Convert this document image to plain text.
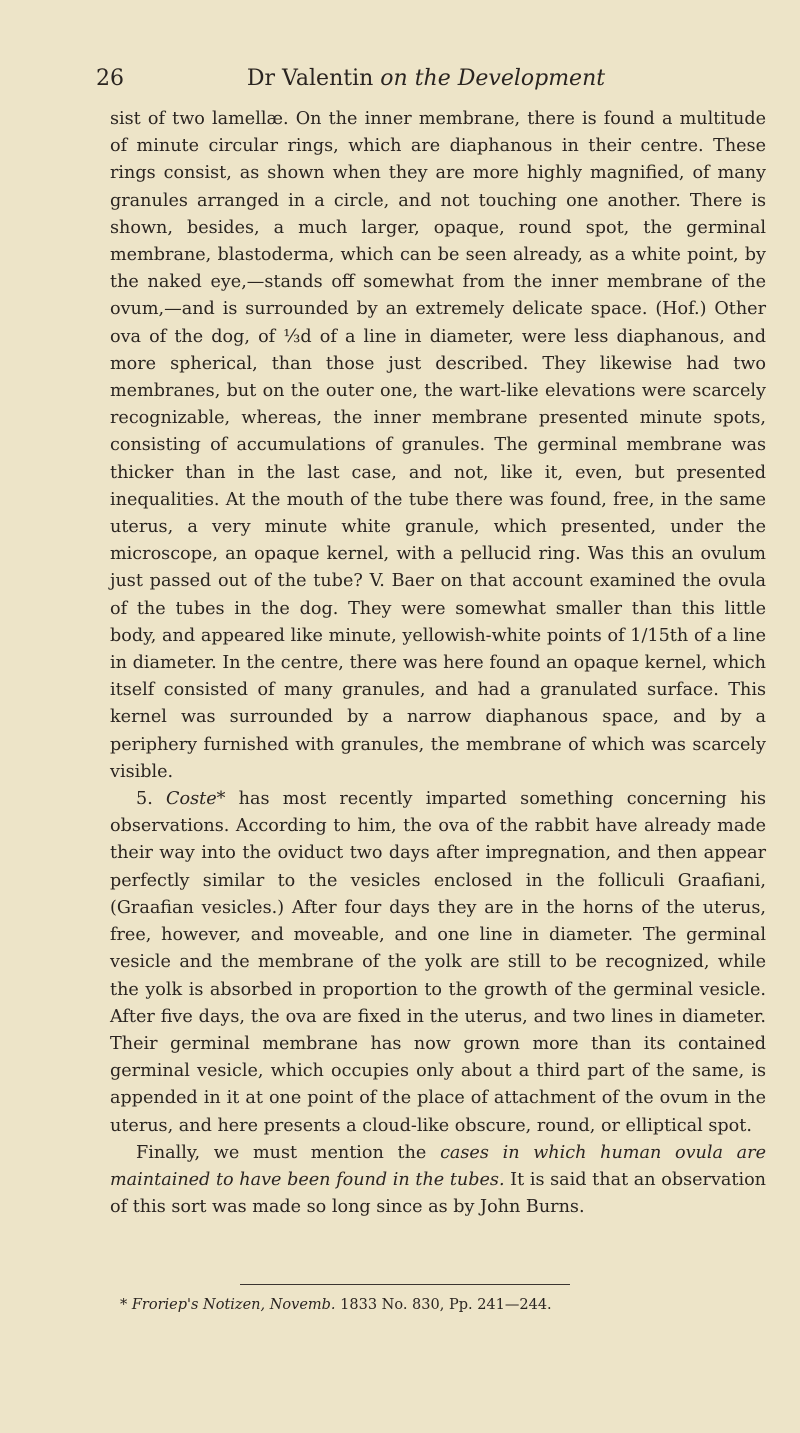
26	Dr Valentin on the Development

sist of two lamellæ. On the inner membrane, there is found a multitude of minute circular rings, which are diaphanous in their centre. These rings consist, as shown when they are more highly magnified, of many granules arranged in a circle, and not touching one another. There is shown, besides, a much larger, opaque, round spot, the germinal membrane, blastoderma, which can be seen already, as a white point, by the naked eye,—stands off somewhat from the inner membrane of the ovum,—and is surrounded by an extremely delicate space. (Hof.) Other ova of the dog, of ⅓d of a line in diameter, were less diaphanous, and more spherical, than those just described. They likewise had two membranes, but on the outer one, the wart-like elevations were scarcely recognizable, whereas, the inner membrane presented minute spots, consisting of accumulations of granules. The germinal membrane was thicker than in the last case, and not, like it, even, but presented inequalities. At the mouth of the tube there was found, free, in the same uterus, a very minute white granule, which presented, under the microscope, an opaque kernel, with a pellucid ring. Was this an ovulum just passed out of the tube? V. Baer on that account examined the ovula of the tubes in the dog. They were somewhat smaller than this little body, and appeared like minute, yellowish-white points of 1/15th of a line in diameter. In the centre, there was here found an opaque kernel, which itself consisted of many granules, and had a granulated surface. This kernel was surrounded by a narrow diaphanous space, and by a periphery furnished with granules, the membrane of which was scarcely visible.

5. Coste* has most recently imparted something concerning his observations. According to him, the ova of the rabbit have already made their way into the oviduct two days after impregnation, and then appear perfectly similar to the vesicles enclosed in the folliculi Graafiani, (Graafian vesicles.) After four days they are in the horns of the uterus, free, however, and moveable, and one line in diameter. The germinal vesicle and the membrane of the yolk are still to be recognized, while the yolk is absorbed in proportion to the growth of the germinal vesicle. After five days, the ova are fixed in the uterus, and two lines in diameter. Their germinal membrane has now grown more than its contained germinal vesicle, which occupies only about a third part of the same, is appended in it at one point of the place of attachment of the ovum in the uterus, and here presents a cloud-like obscure, round, or elliptical spot.

Finally, we must mention the cases in which human ovula are maintained to have been found in the tubes. It is said that an observation of this sort was made so long since as by John Burns.

* Froriep's Notizen, Novemb. 1833 No. 830, Pp. 241—244.
